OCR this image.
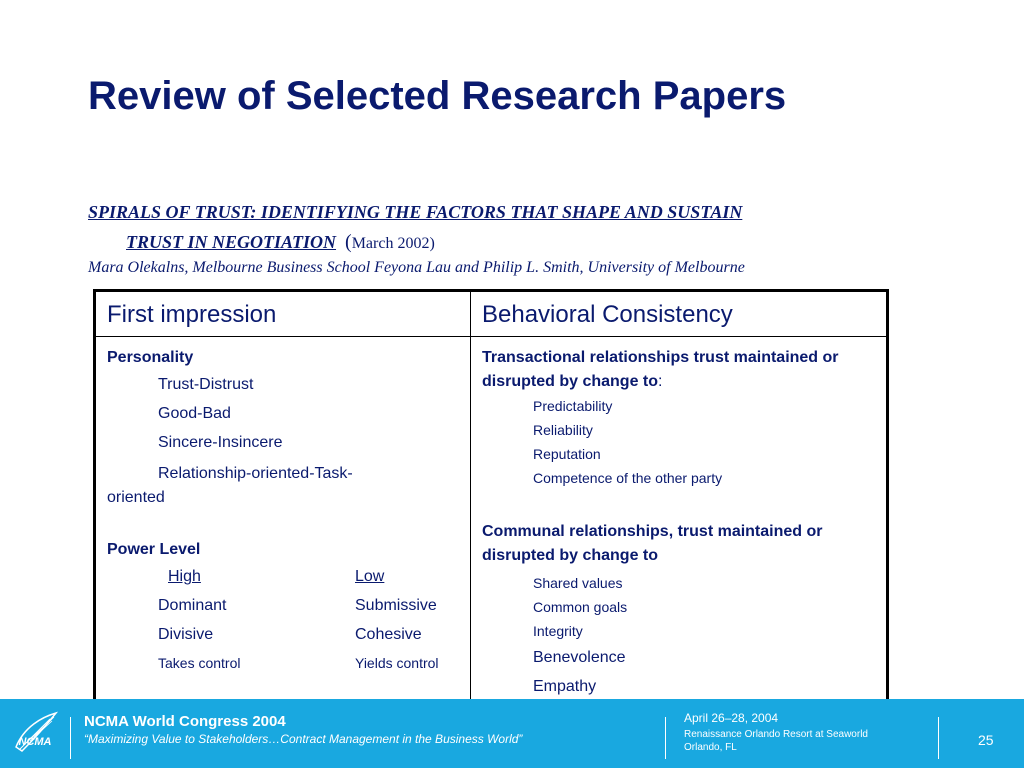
Review of Selected Research Papers
SPIRALS OF TRUST: IDENTIFYING THE FACTORS THAT SHAPE AND SUSTAIN
TRUST IN NEGOTIATION (March 2002)
Mara Olekalns, Melbourne Business School Feyona Lau and Philip L. Smith, University of Melbourne
First impression	Behavioral Consistency
Personality
Trust-Distrust
Good-Bad
Sincere-Insincere
Relationship-oriented-Task-
oriented
Power Level
High	Low
Dominant	Submissive
Divisive	Cohesive
Takes control	Yields control
Transactional relationships trust maintained or disrupted by change to:
Predictability
Reliability
Reputation
Competence of the other party
Communal relationships, trust maintained or disrupted by change to
Shared values
Common goals
Integrity
Benevolence
Empathy
NCMA
NCMA World Congress 2004
“Maximizing Value to Stakeholders…Contract Management in the Business World”
April 26–28, 2004
Renaissance Orlando Resort at Seaworld
Orlando, FL	25
